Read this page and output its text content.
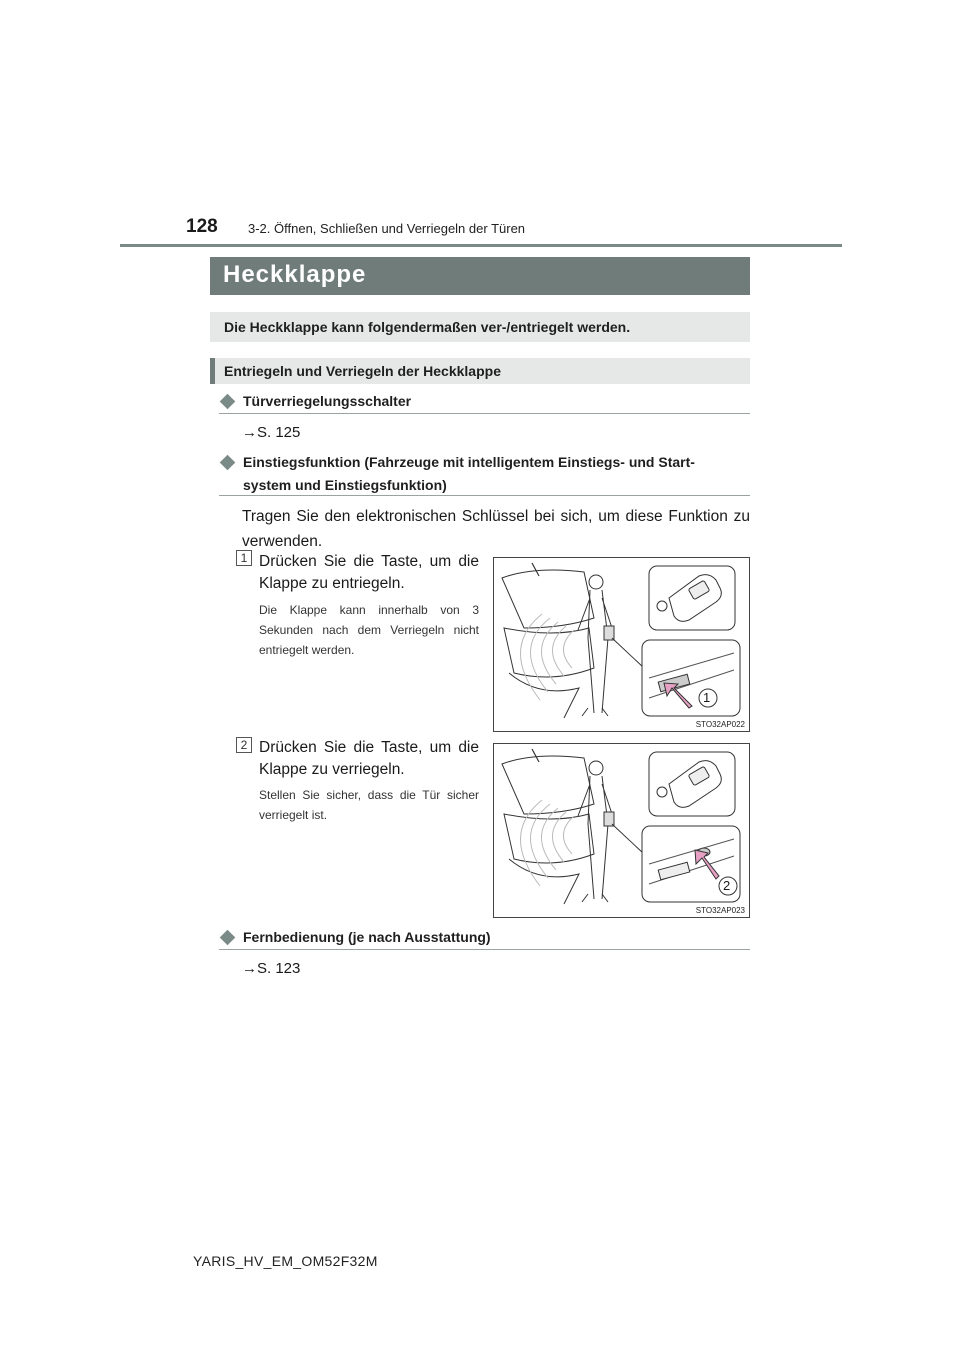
128 3-2. Öffnen, Schließen und Verriegeln der Türen
Heckklappe
Die Heckklappe kann folgendermaßen ver-/entriegelt werden.
Entriegeln und Verriegeln der Heckklappe
Türverriegelungsschalter
→S. 125
Einstiegsfunktion (Fahrzeuge mit intelligentem Einstiegs- und Start-
system und Einstiegsfunktion)
Tragen Sie den elektronischen Schlüssel bei sich, um diese Funktion zu verwenden.
1 Drücken Sie die Taste, um die Klappe zu entriegeln.
Die Klappe kann innerhalb von 3 Sekunden nach dem Verriegeln nicht entriegelt werden.
1
STO32AP022
2 Drücken Sie die Taste, um die Klappe zu verriegeln.
Stellen Sie sicher, dass die Tür sicher verriegelt ist.
2
STO32AP023
Fernbedienung (je nach Ausstattung)
→S. 123
YARIS_HV_EM_OM52F32M
